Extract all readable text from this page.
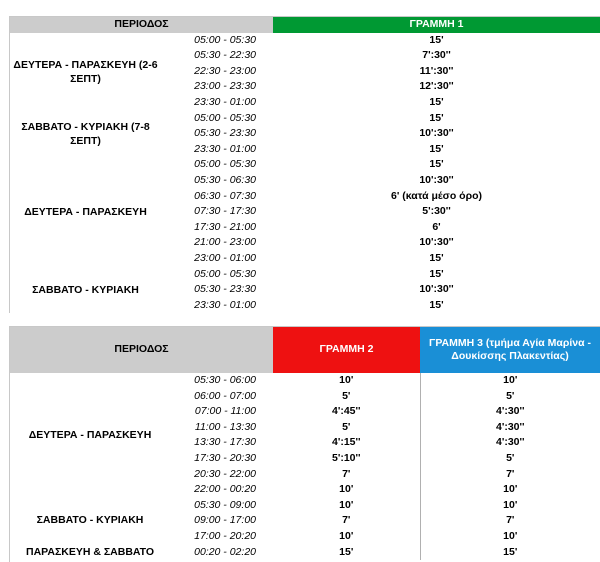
ΠΕΡΙΟΔΟΣ	ΓΡΑΜΜΗ 1
ΔΕΥΤΕΡΑ - ΠΑΡΑΣΚΕΥΗ (2-6 ΣΕΠΤ)	05:00 - 05:30	15'

	05:30 - 22:30	7':30''

	22:30 - 23:00	11':30''

	23:00 - 23:30	12':30''

	23:30 - 01:00	15'
ΣΑΒΒΑΤΟ - ΚΥΡΙΑΚΗ (7-8 ΣΕΠΤ)	05:00 - 05:30	15'

	05:30 - 23:30	10':30''

	23:30 - 01:00	15'
ΔΕΥΤΕΡΑ - ΠΑΡΑΣΚΕΥΗ	05:00 - 05:30	15'

	05:30 - 06:30	10':30''

	06:30 - 07:30	6' (κατά μέσο όρο)

	07:30 - 17:30	5':30''

	17:30 - 21:00	6'

	21:00 - 23:00	10':30''

	23:00 - 01:00	15'
ΣΑΒΒΑΤΟ - ΚΥΡΙΑΚΗ	05:00 - 05:30	15'

	05:30 - 23:30	10':30''

	23:30 - 01:00	15'
ΠΕΡΙΟΔΟΣ	ΓΡΑΜΜΗ 2	ΓΡΑΜΜΗ 3 (τμήμα Αγία Μαρίνα - Δουκίσσης Πλακεντίας)

ΔΕΥΤΕΡΑ - ΠΑΡΑΣΚΕΥΗ
05:30 - 06:00	10'	10'

06:00 - 07:00	5'	5'

07:00 - 11:00	4':45''	4':30''

11:00 - 13:30	5'	4':30''

13:30 - 17:30	4':15''	4':30''

17:30 - 20:30	5':10''	5'

20:30 - 22:00	7'	7'

22:00 - 00:20	10'	10'

ΣΑΒΒΑΤΟ - ΚΥΡΙΑΚΗ
05:30 - 09:00	10'	10'

09:00 - 17:00	7'	7'

17:00 - 20:20	10'	10'

ΠΑΡΑΣΚΕΥΗ & ΣΑΒΒΑΤΟ 00:20 - 02:20	15'	15'
